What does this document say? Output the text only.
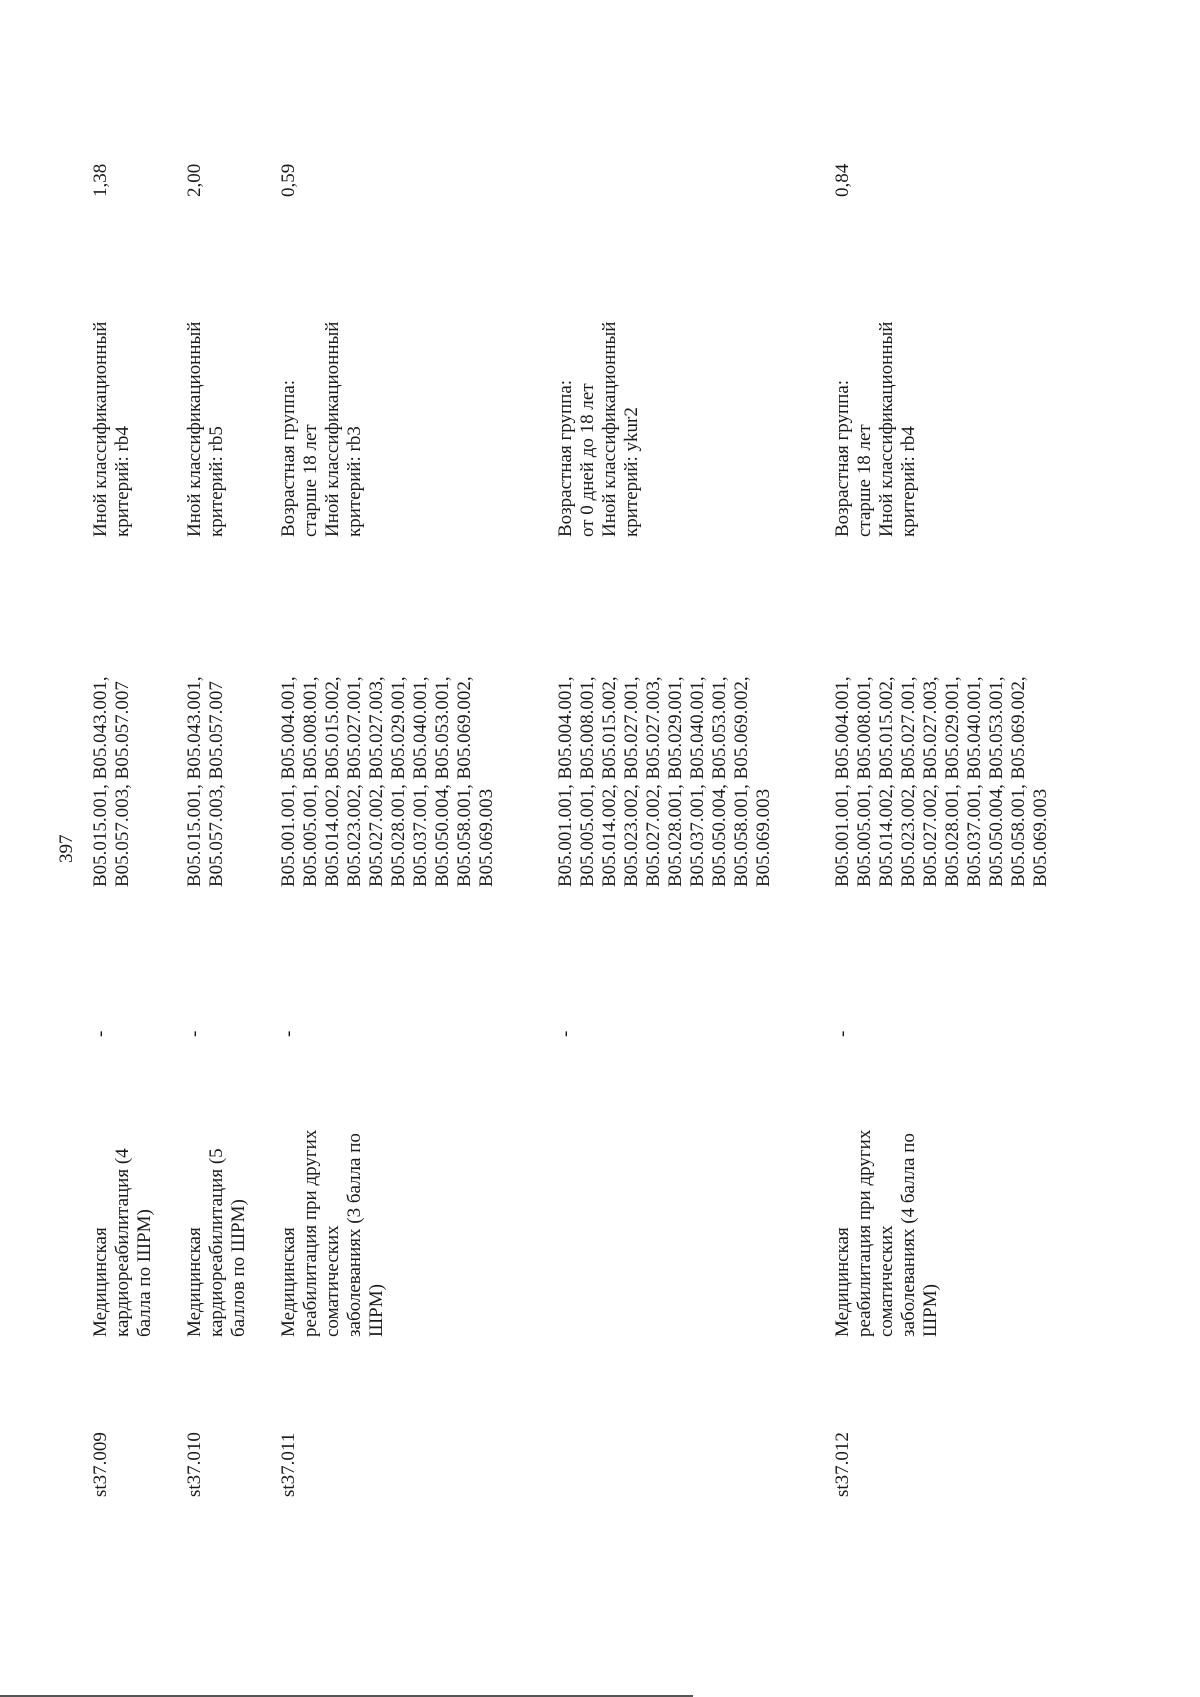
397
st37.009
Медицинская кардиореабилитация (4 балла по ШРМ)
-
B05.015.001, B05.043.001, B05.057.003, B05.057.007
Иной классификационный критерий: rb4
1,38
st37.010
Медицинская кардиореабилитация (5 баллов по ШРМ)
-
B05.015.001, B05.043.001, B05.057.003, B05.057.007
Иной классификационный критерий: rb5
2,00
st37.011
Медицинская реабилитация при других соматических заболеваниях (3 балла по ШРМ)
-
B05.001.001, B05.004.001, B05.005.001, B05.008.001, B05.014.002, B05.015.002, B05.023.002, B05.027.001, B05.027.002, B05.027.003, B05.028.001, B05.029.001, B05.037.001, B05.040.001, B05.050.004, B05.053.001, B05.058.001, B05.069.002, B05.069.003
Возрастная группа: старше 18 лет Иной классификационный критерий: rb3
0,59
-
B05.001.001, B05.004.001, B05.005.001, B05.008.001, B05.014.002, B05.015.002, B05.023.002, B05.027.001, B05.027.002, B05.027.003, B05.028.001, B05.029.001, B05.037.001, B05.040.001, B05.050.004, B05.053.001, B05.058.001, B05.069.002, B05.069.003
Возрастная группа: от 0 дней до 18 лет Иной классификационный критерий: ykur2
st37.012
Медицинская реабилитация при других соматических заболеваниях (4 балла по ШРМ)
-
B05.001.001, B05.004.001, B05.005.001, B05.008.001, B05.014.002, B05.015.002, B05.023.002, B05.027.001, B05.027.002, B05.027.003, B05.028.001, B05.029.001, B05.037.001, B05.040.001, B05.050.004, B05.053.001, B05.058.001, B05.069.002, B05.069.003
Возрастная группа: старше 18 лет Иной классификационный критерий: rb4
0,84
